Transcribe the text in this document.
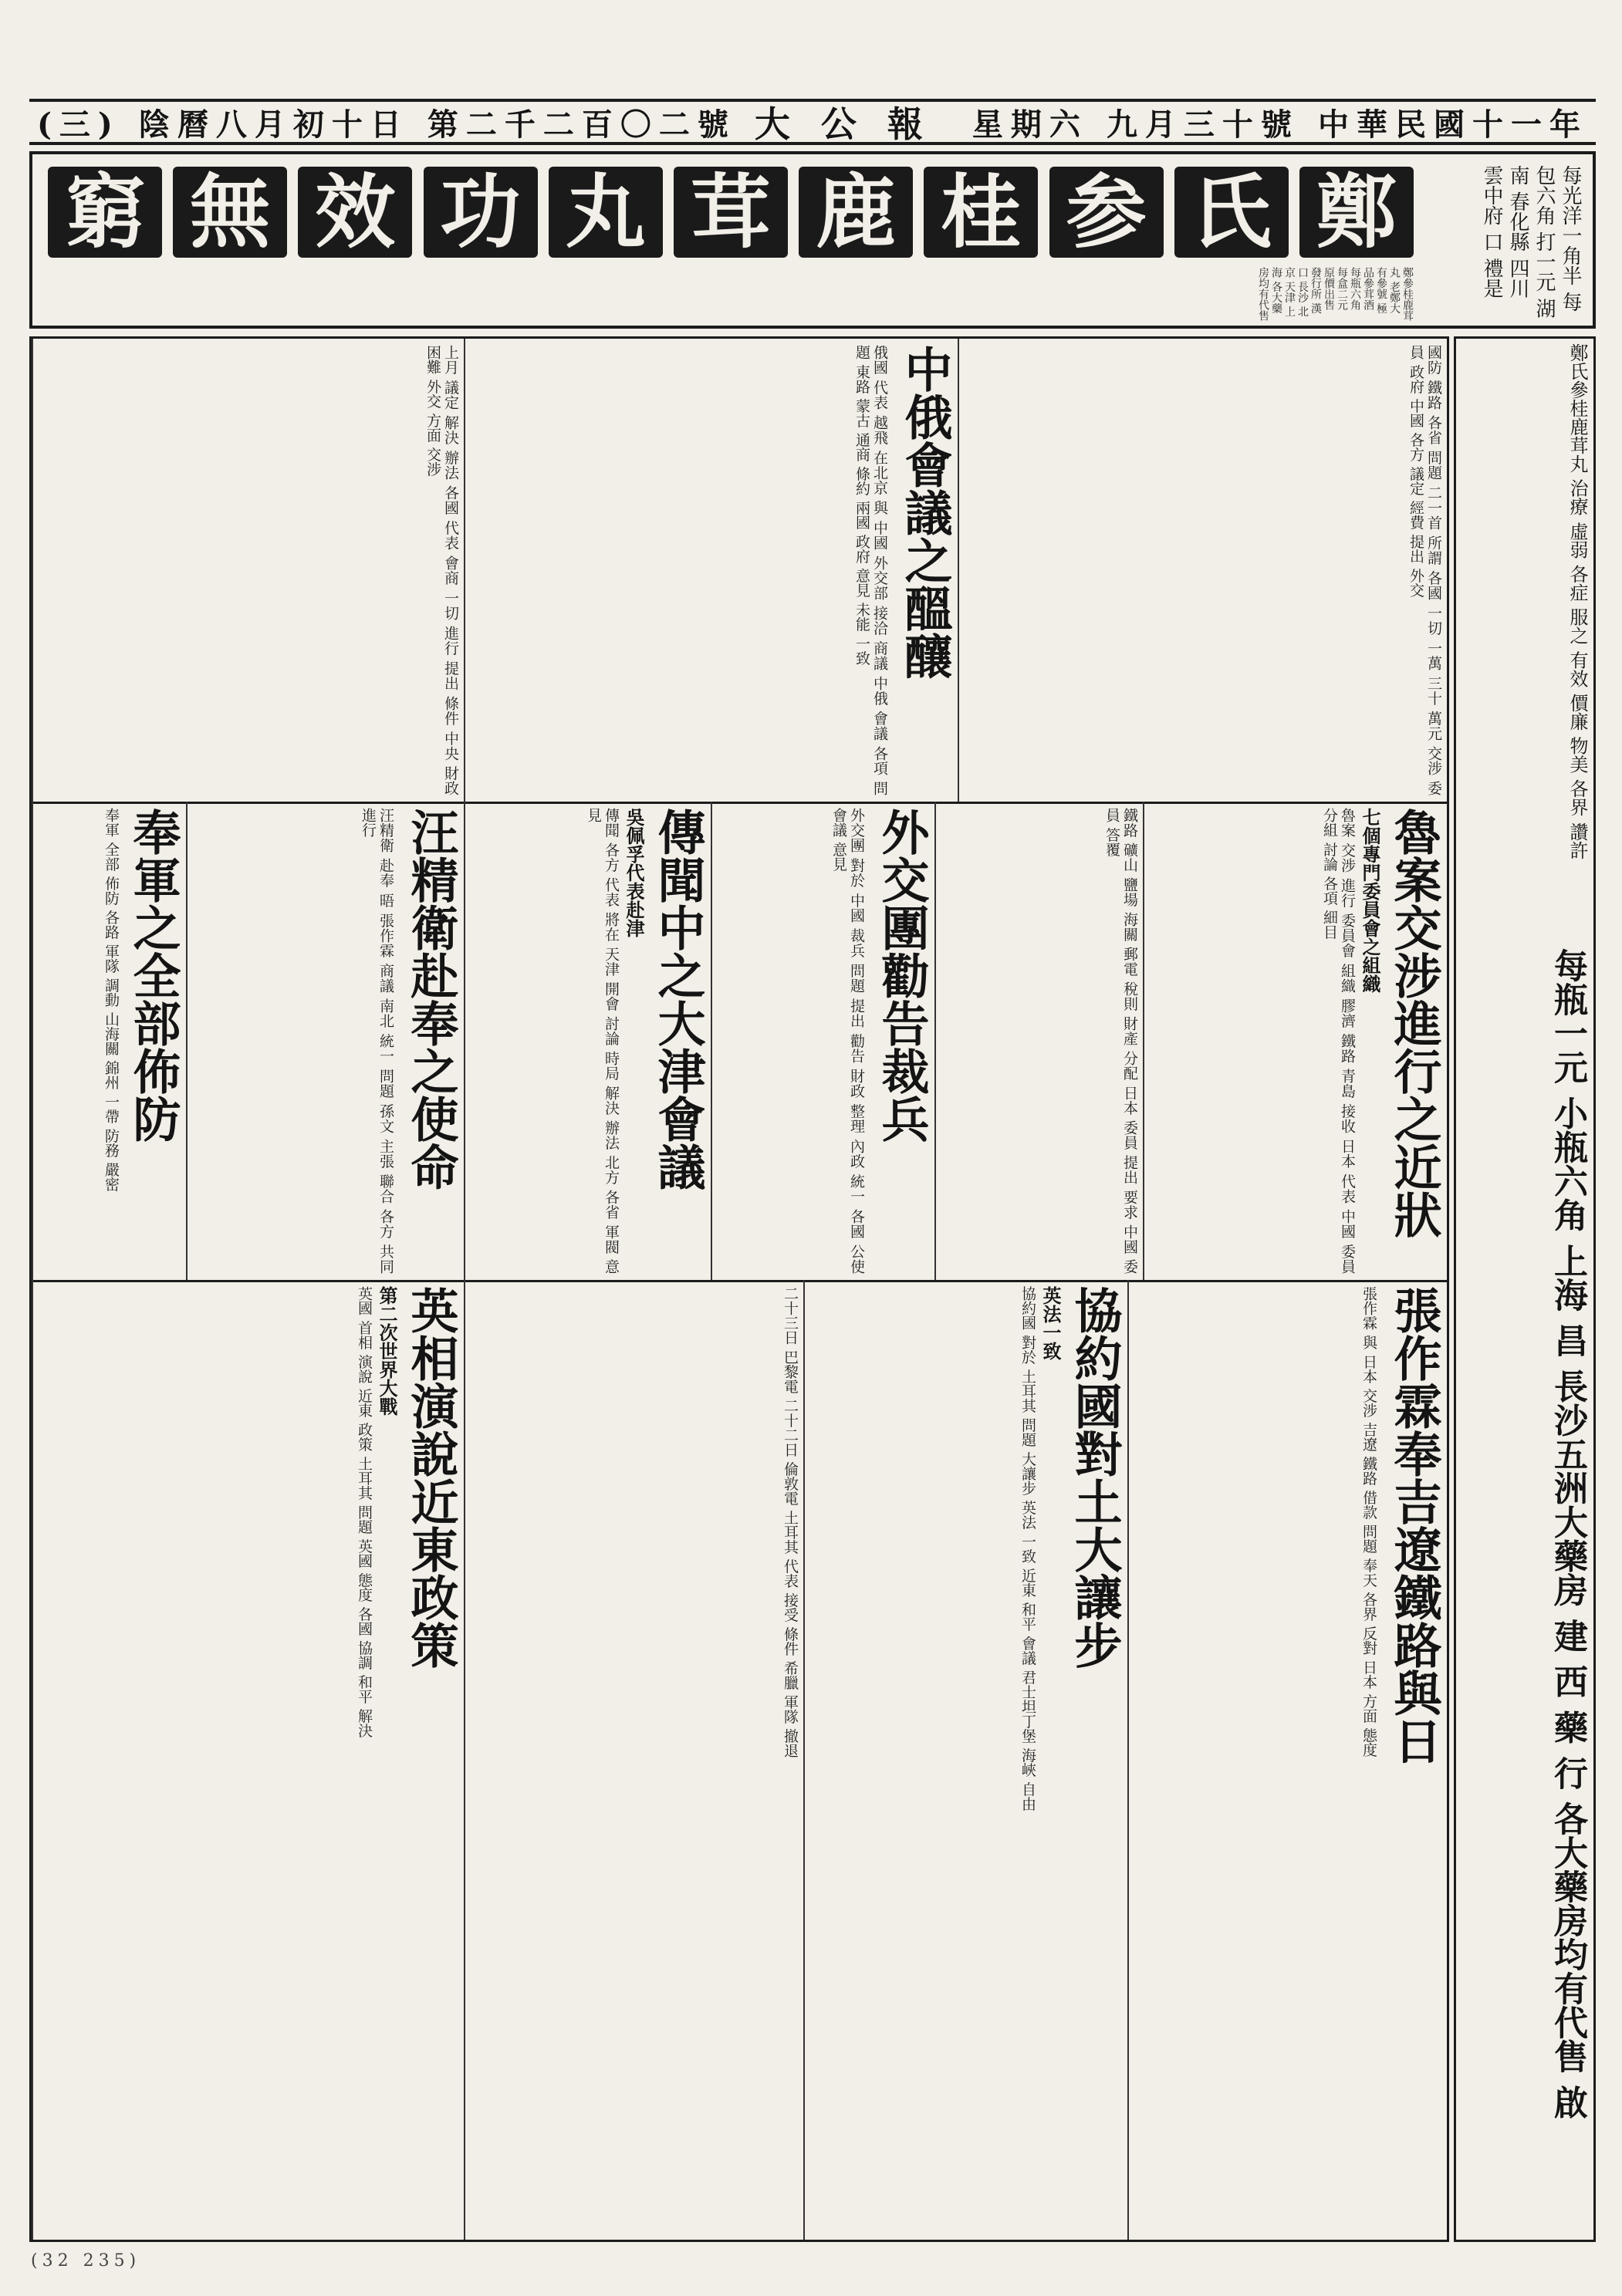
中華民國十一年
九月三十號
星期六
大公報
第二千二百〇二號
陰曆八月初十日
(三)
鄭
氏
参
桂
鹿
茸
丸
功
效
無
窮	每光洋一角半 每包六角 打一元 湖南 春化縣 四川 雲中府 口 禮是
鄭參桂鹿茸丸 老鄭大有參號 極品參茸酒 每瓶六角 每盒二元 原價出售 發行所 漢口 長沙 北京 天津 上海 各大藥房均有代售
國防 鐵路 各省 問題 二一首 所謂 各國 一切 一萬 三十 萬元 交涉 委員 政府 中國 各方 議定 經費 提出 外交
中俄會議之醞釀
俄國 代表 越飛 在北京 與 中國 外交部 接洽 商議 中俄 會議 各項 問題 東路 蒙古 通商 條約 兩國 政府 意見 未能 一致
上月 議定 解決 辦法 各國 代表 會商 一切 進行 提出 條件 中央 財政 困難 外交 方面 交涉
魯案交涉進行之近狀
七個專門委員會之組織
魯案 交涉 進行 委員會 組織 膠濟 鐵路 青島 接收 日本 代表 中國 委員 分組 討論 各項 細目
鐵路 礦山 鹽場 海關 郵電 稅則 財產 分配 日本 委員 提出 要求 中國 委員 答覆
外交團勸告裁兵
外交團 對於 中國 裁兵 問題 提出 勸告 財政 整理 內政 統一 各國 公使 會議 意見
傳聞中之大津會議
吳佩孚代表赴津
傳聞 各方 代表 將在 天津 開會 討論 時局 解決 辦法 北方 各省 軍閥 意見
汪精衛赴奉之使命
汪精衛 赴奉 晤 張作霖 商議 南北 統一 問題 孫文 主張 聯合 各方 共同 進行
奉軍之全部佈防
奉軍 全部 佈防 各路 軍隊 調動 山海關 錦州 一帶 防務 嚴密
張作霖奉吉遼鐵路與日
張作霖 與 日本 交涉 吉遼 鐵路 借款 問題 奉天 各界 反對 日本 方面 態度
協約國對土大讓步
英法一致
協約國 對於 土耳其 問題 大讓步 英法 一致 近東 和平 會議 君士坦丁堡 海峽 自由
二十三日 巴黎電 二十二日 倫敦電 土耳其 代表 接受 條件 希臘 軍隊 撤退
英相演說近東政策
第二次世界大戰
英國 首相 演說 近東 政策 土耳其 問題 英國 態度 各國 協調 和平 解決
鄭氏參桂鹿茸丸 治療 虛弱 各症 服之 有效 價廉 物美 各界 讚許
每瓶一元 小瓶六角 上海 昌 長沙五洲大藥房 建 西 藥 行 各大藥房均有代售 啟
(32 235)
